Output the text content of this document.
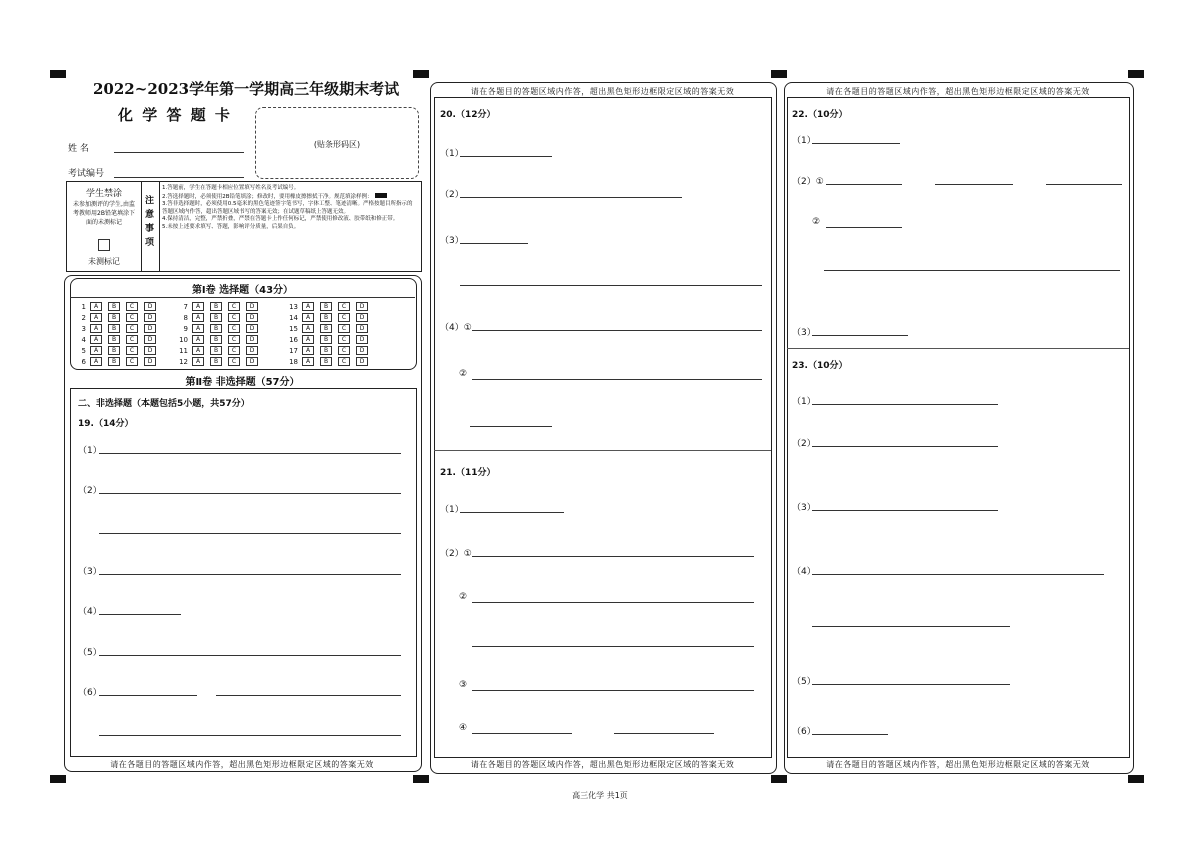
2022~2023学年第一学期高三年级期末考试
化 学 答 题 卡
姓 名
考试编号
(贴条形码区)
学生禁涂
未参加测评的学生,由监考教师用2B铅笔填涂下面的未测标记
未测标记
注意事项
1.答题前，学生在答题卡相应位置填写姓名及考试编号。
2.答选择题时，必须使用2B铅笔填涂；修改时，要用橡皮擦擦拭干净。规范填涂样例：
3.答非选择题时，必须使用0.5毫米的黑色笔迹签字笔书写，字体工整、笔迹清晰。严格按题目所指示的答题区域内作答，超出答题区域书写的答案无效；在试题草稿纸上答题无效。
4.保持清洁，完整，严禁折叠，严禁在答题卡上作任何标记，严禁使用修改液、胶带纸和修正带。
5.未按上述要求填写、答题，影响评分质量，后果自负。
第Ⅰ卷 选择题（43分）
1 A B C D
2 A B C D
3 A B C D
4 A B C D
5 A B C D
6 A B C D
7 A B C D
8 A B C D
9 A B C D
10 A B C D
11 A B C D
12 A B C D
13 A B C D
14 A B C D
15 A B C D
16 A B C D
17 A B C D
18 A B C D
第Ⅱ卷 非选择题（57分）
二、非选择题（本题包括5小题，共57分）
19.（14分）
（1）
（2）
（3）
（4）
（5）
（6）
请在各题目的答题区域内作答，超出黑色矩形边框限定区域的答案无效
请在各题目的答题区域内作答，超出黑色矩形边框限定区域的答案无效
20.（12分）
（1）
（2）
（3）
（4）①
②
21.（11分）
（1）
（2）①
②
③
④
请在各题目的答题区域内作答，超出黑色矩形边框限定区域的答案无效
请在各题目的答题区域内作答，超出黑色矩形边框限定区域的答案无效
22.（10分）
（1）
（2）①
②
（3）
23.（10分）
（1）
（2）
（3）
（4）
（5）
（6）
请在各题目的答题区域内作答，超出黑色矩形边框限定区域的答案无效
高三化学 共1页
